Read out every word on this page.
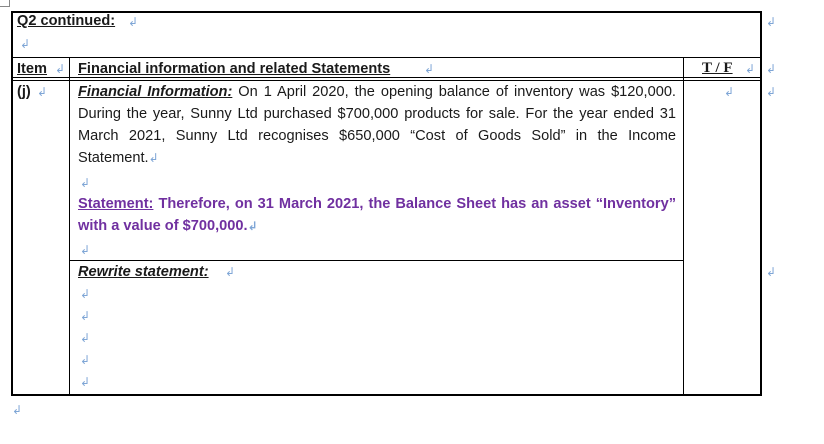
Q2 continued: ↲
↲
↲
Item ↲ Financial information and related Statements	↲	T / F ↲ ↲
(j) ↲ Financial Information: On 1 April 2020, the opening balance of inventory was $120,000. During the year, Sunny Ltd purchased $700,000 products for sale. For the year ended 31 March 2021, Sunny Ltd recognises $650,000 “Cost of Goods Sold” in the Income Statement.↲
↲	↲
↲
Statement: Therefore, on 31 March 2021, the Balance Sheet has an asset “Inventory” with a value of $700,000.↲
↲
Rewrite statement: ↲	↲
↲
↲
↲
↲
↲
↲
